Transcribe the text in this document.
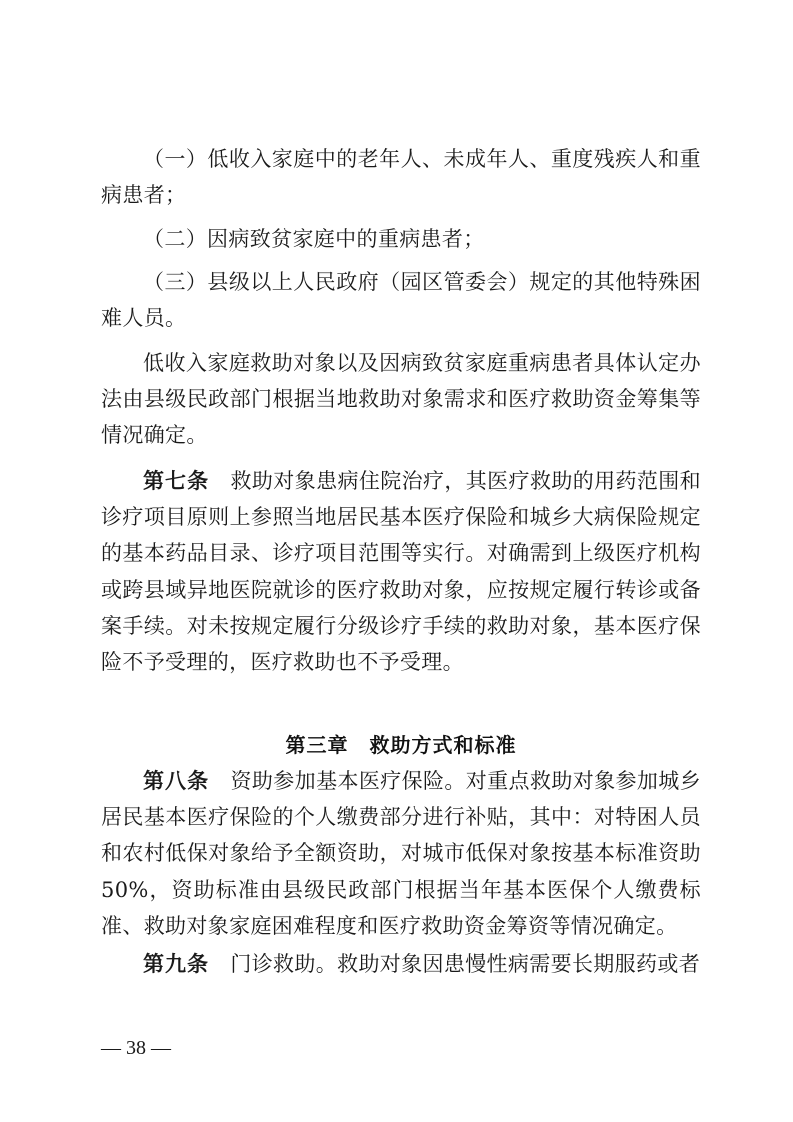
（一）低收入家庭中的老年人、未成年人、重度残疾人和重病患者；

（二）因病致贫家庭中的重病患者；

（三）县级以上人民政府（园区管委会）规定的其他特殊困难人员。

低收入家庭救助对象以及因病致贫家庭重病患者具体认定办法由县级民政部门根据当地救助对象需求和医疗救助资金筹集等情况确定。

第七条　 救助对象患病住院治疗，其医疗救助的用药范围和诊疗项目原则上参照当地居民基本医疗保险和城乡大病保险规定的基本药品目录、诊疗项目范围等实行。对确需到上级医疗机构或跨县域异地医院就诊的医疗救助对象，应按规定履行转诊或备案手续。对未按规定履行分级诊疗手续的救助对象，基本医疗保险不予受理的，医疗救助也不予受理。

第三章　救助方式和标准

第八条　 资助参加基本医疗保险。对重点救助对象参加城乡居民基本医疗保险的个人缴费部分进行补贴，其中：对特困人员和农村低保对象给予全额资助，对城市低保对象按基本标准资助50%，资助标准由县级民政部门根据当年基本医保个人缴费标准、救助对象家庭困难程度和医疗救助资金筹资等情况确定。

第九条　 门诊救助。救助对象因患慢性病需要长期服药或者

— 38 —
